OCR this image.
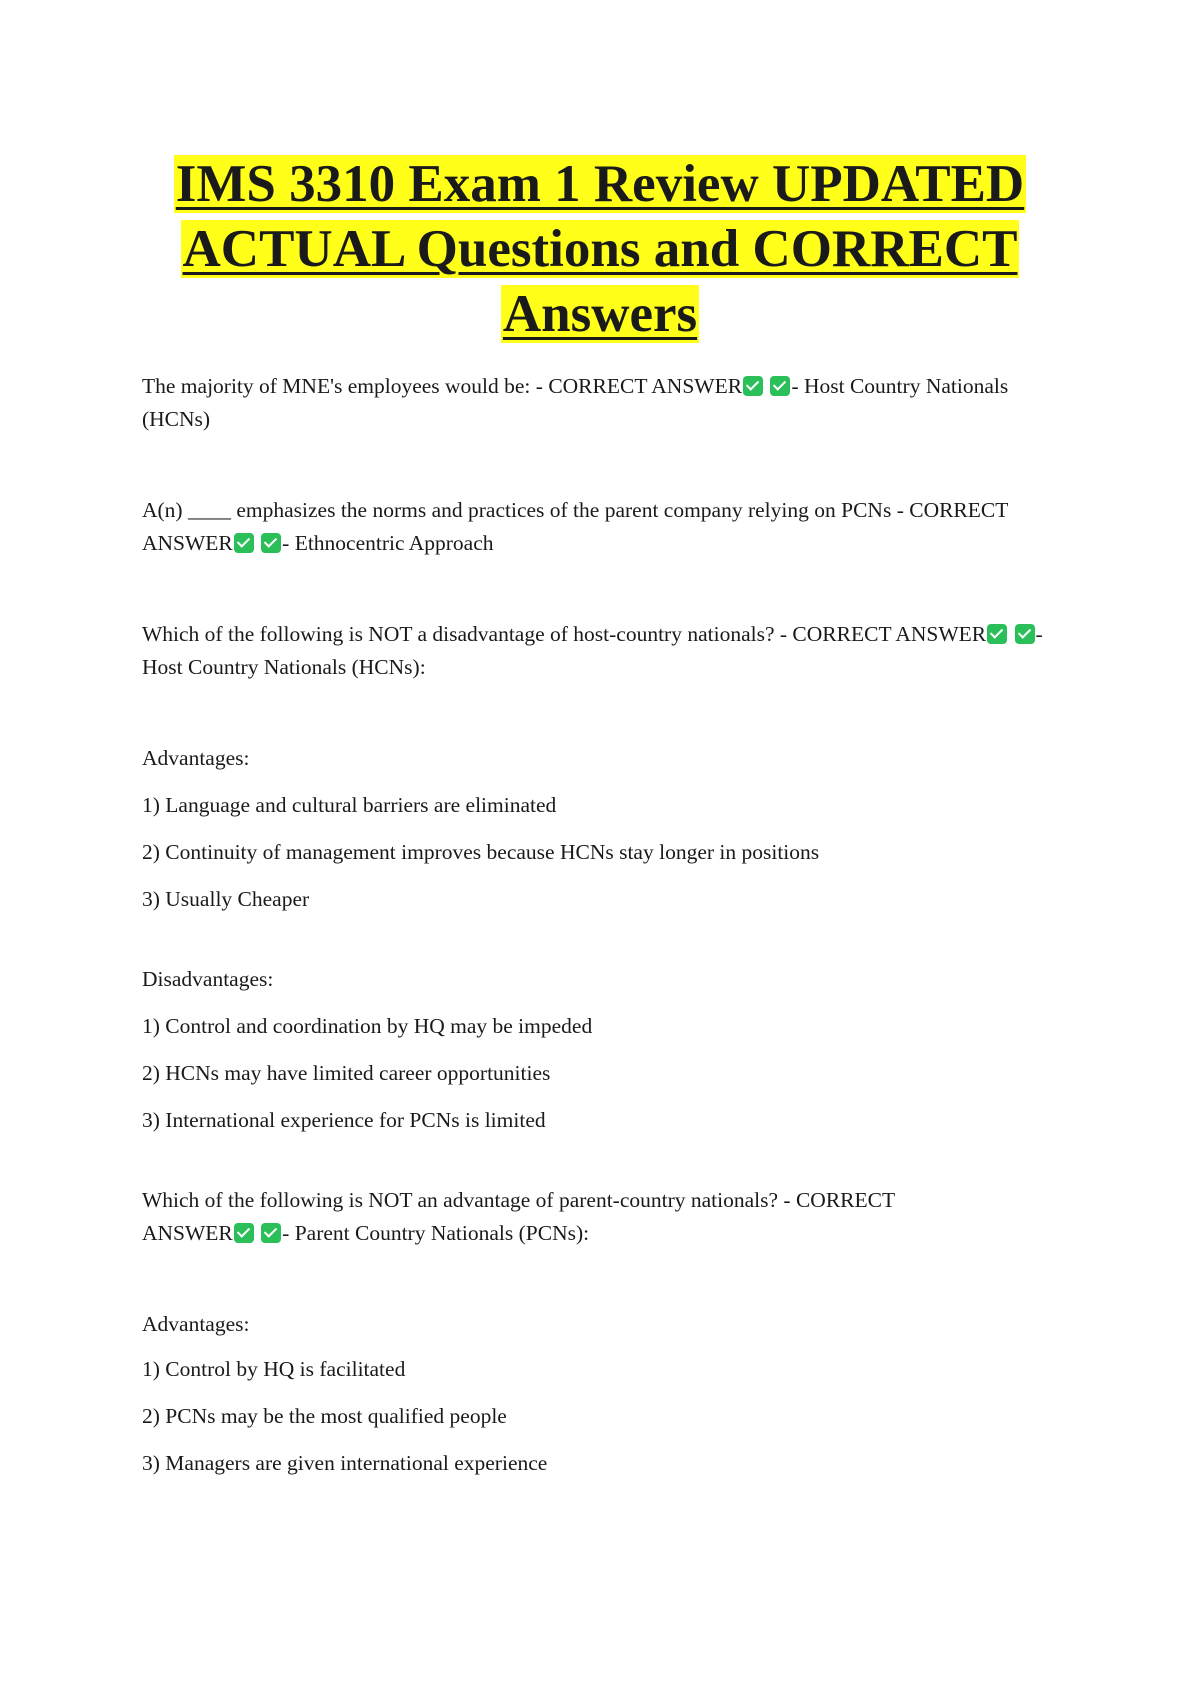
IMS 3310 Exam 1 Review UPDATED
ACTUAL Questions and CORRECT
Answers

The majority of MNE's employees would be: - CORRECT ANSWER - Host Country Nationals (HCNs)

A(n) ____ emphasizes the norms and practices of the parent company relying on PCNs - CORRECT ANSWER - Ethnocentric Approach

Which of the following is NOT a disadvantage of host-country nationals? - CORRECT ANSWER - Host Country Nationals (HCNs):

Advantages:

1) Language and cultural barriers are eliminated

2) Continuity of management improves because HCNs stay longer in positions

3) Usually Cheaper

Disadvantages:

1) Control and coordination by HQ may be impeded

2) HCNs may have limited career opportunities

3) International experience for PCNs is limited

Which of the following is NOT an advantage of parent-country nationals? - CORRECT ANSWER - Parent Country Nationals (PCNs):

Advantages:

1) Control by HQ is facilitated

2) PCNs may be the most qualified people

3) Managers are given international experience
